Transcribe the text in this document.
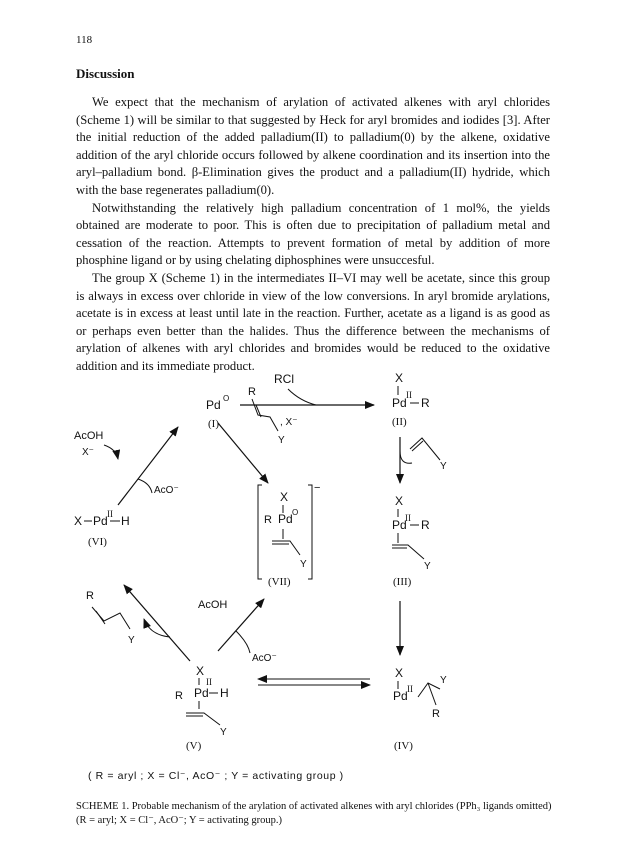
118
Discussion

We expect that the mechanism of arylation of activated alkenes with aryl chlorides (Scheme 1) will be similar to that suggested by Heck for aryl bromides and iodides [3]. After the initial reduction of the added palladium(II) to palladium(0) by the alkene, oxidative addition of the aryl chloride occurs followed by alkene coordination and its insertion into the aryl–palladium bond. β-Elimination gives the product and a palladium(II) hydride, which with the base regenerates palladium(0).

Notwithstanding the relatively high palladium concentration of 1 mol%, the yields obtained are moderate to poor. This is often due to precipitation of palladium metal and cessation of the reaction. Attempts to prevent formation of metal by addition of more phosphine ligand or by using chelating diphosphines were unsuccesful.

The group X (Scheme 1) in the intermediates II–VI may well be acetate, since this group is always in excess over chloride in view of the low conversions. In aryl bromide arylations, acetate is in excess at least until late in the reaction. Further, acetate as a ligand is as good as or perhaps even better than the halides. Thus the difference between the mechanisms of arylation of alkenes with aryl chlorides and bromides would be reduced to the oxidative addition and its immediate product.

Pd O
(I)
RCl	X
Pd
II
R
(II)
Y
X
Pd
II R
Y
(III)
X
Pd II
Y
R
(IV)
X
II
R Pd H
Y
(V)
R
Y
AcOH
AcO⁻
X Pd II H
(VI)
AcOH
X⁻
AcO⁻
R
Y
, X⁻
−
X
R Pd O
Y
(VII)
( R = aryl ; X = Cl⁻, AcO⁻ ; Y = activating group )
SCHEME 1. Probable mechanism of the arylation of activated alkenes with aryl chlorides (PPh₃ ligands omitted) (R = aryl; X = Cl⁻, AcO⁻; Y = activating group.)
